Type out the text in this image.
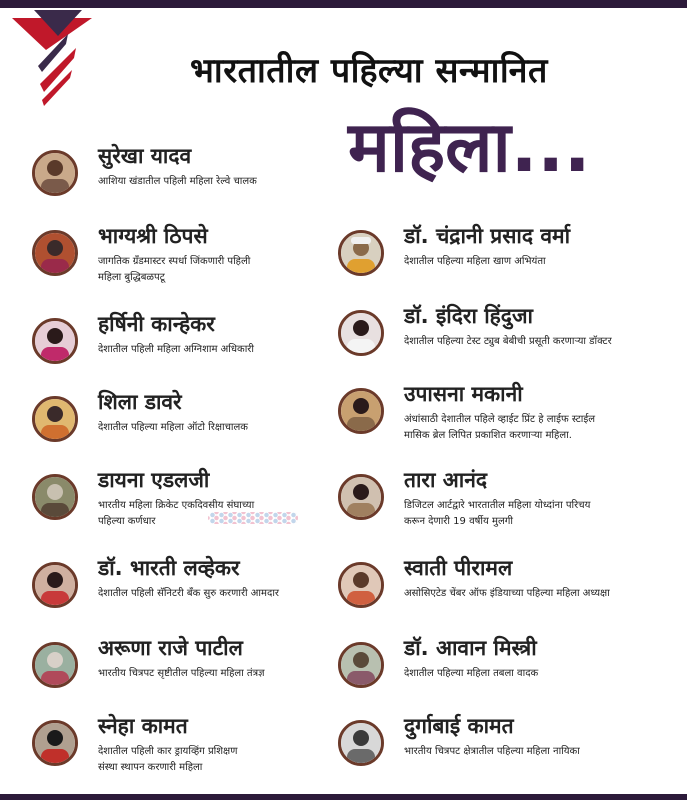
भारतातील पहिल्या सन्मानित
महिला...
सुरेखा यादव
आशिया खंडातील पहिली महिला रेल्वे चालक

भाग्यश्री ठिपसे
जागतिक ग्रँडमास्टर स्पर्धा जिंकणारी पहिली
महिला बुद्धिबळपटू
हर्षिनी कान्हेकर
देशातील पहिली महिला अग्निशाम अधिकारी

शिला डावरे
देशातील पहिल्या महिला ऑटो रिक्षाचालक

डायना एडलजी
भारतीय महिला क्रिकेट एकदिवसीय संघाच्या
पहिल्या कर्णधार
डॉ. भारती लव्हेकर
देशातील पहिली सॅनिटरी बँक सुरु करणारी आमदार

अरूणा राजे पाटील
भारतीय चित्रपट सृष्टीतील पहिल्या महिला तंत्रज्ञ

स्नेहा कामत
देशातील पहिली कार ड्रायव्हिंग प्रशिक्षण
संस्था स्थापन करणारी महिला
डॉ. चंद्रानी प्रसाद वर्मा
देशातील पहिल्या महिला खाण अभियंता

डॉ. इंदिरा हिंदुजा
देशातील पहिल्या टेस्ट ट्युब बेबीची प्रसूती करणाऱ्या डॉक्टर

उपासना मकानी
अंधांसाठी देशातील पहिले व्हाईट प्रिंट हे लाईफ स्टाईल
मासिक ब्रेल लिपित प्रकाशित करणाऱ्या महिला.
तारा आनंद
डिजिटल आर्टद्वारे भारतातील महिला योध्दांना परिचय
करून देणारी 19 वर्षीय मुलगी
स्वाती पीरामल
असोसिएटेड चेंबर ऑफ इंडियाच्या पहिल्या महिला अध्यक्षा

डॉ. आवान मिस्त्री
देशातील पहिल्या महिला तबला वादक

दुर्गाबाई कामत
भारतीय चित्रपट क्षेत्रातील पहिल्या महिला नायिका
